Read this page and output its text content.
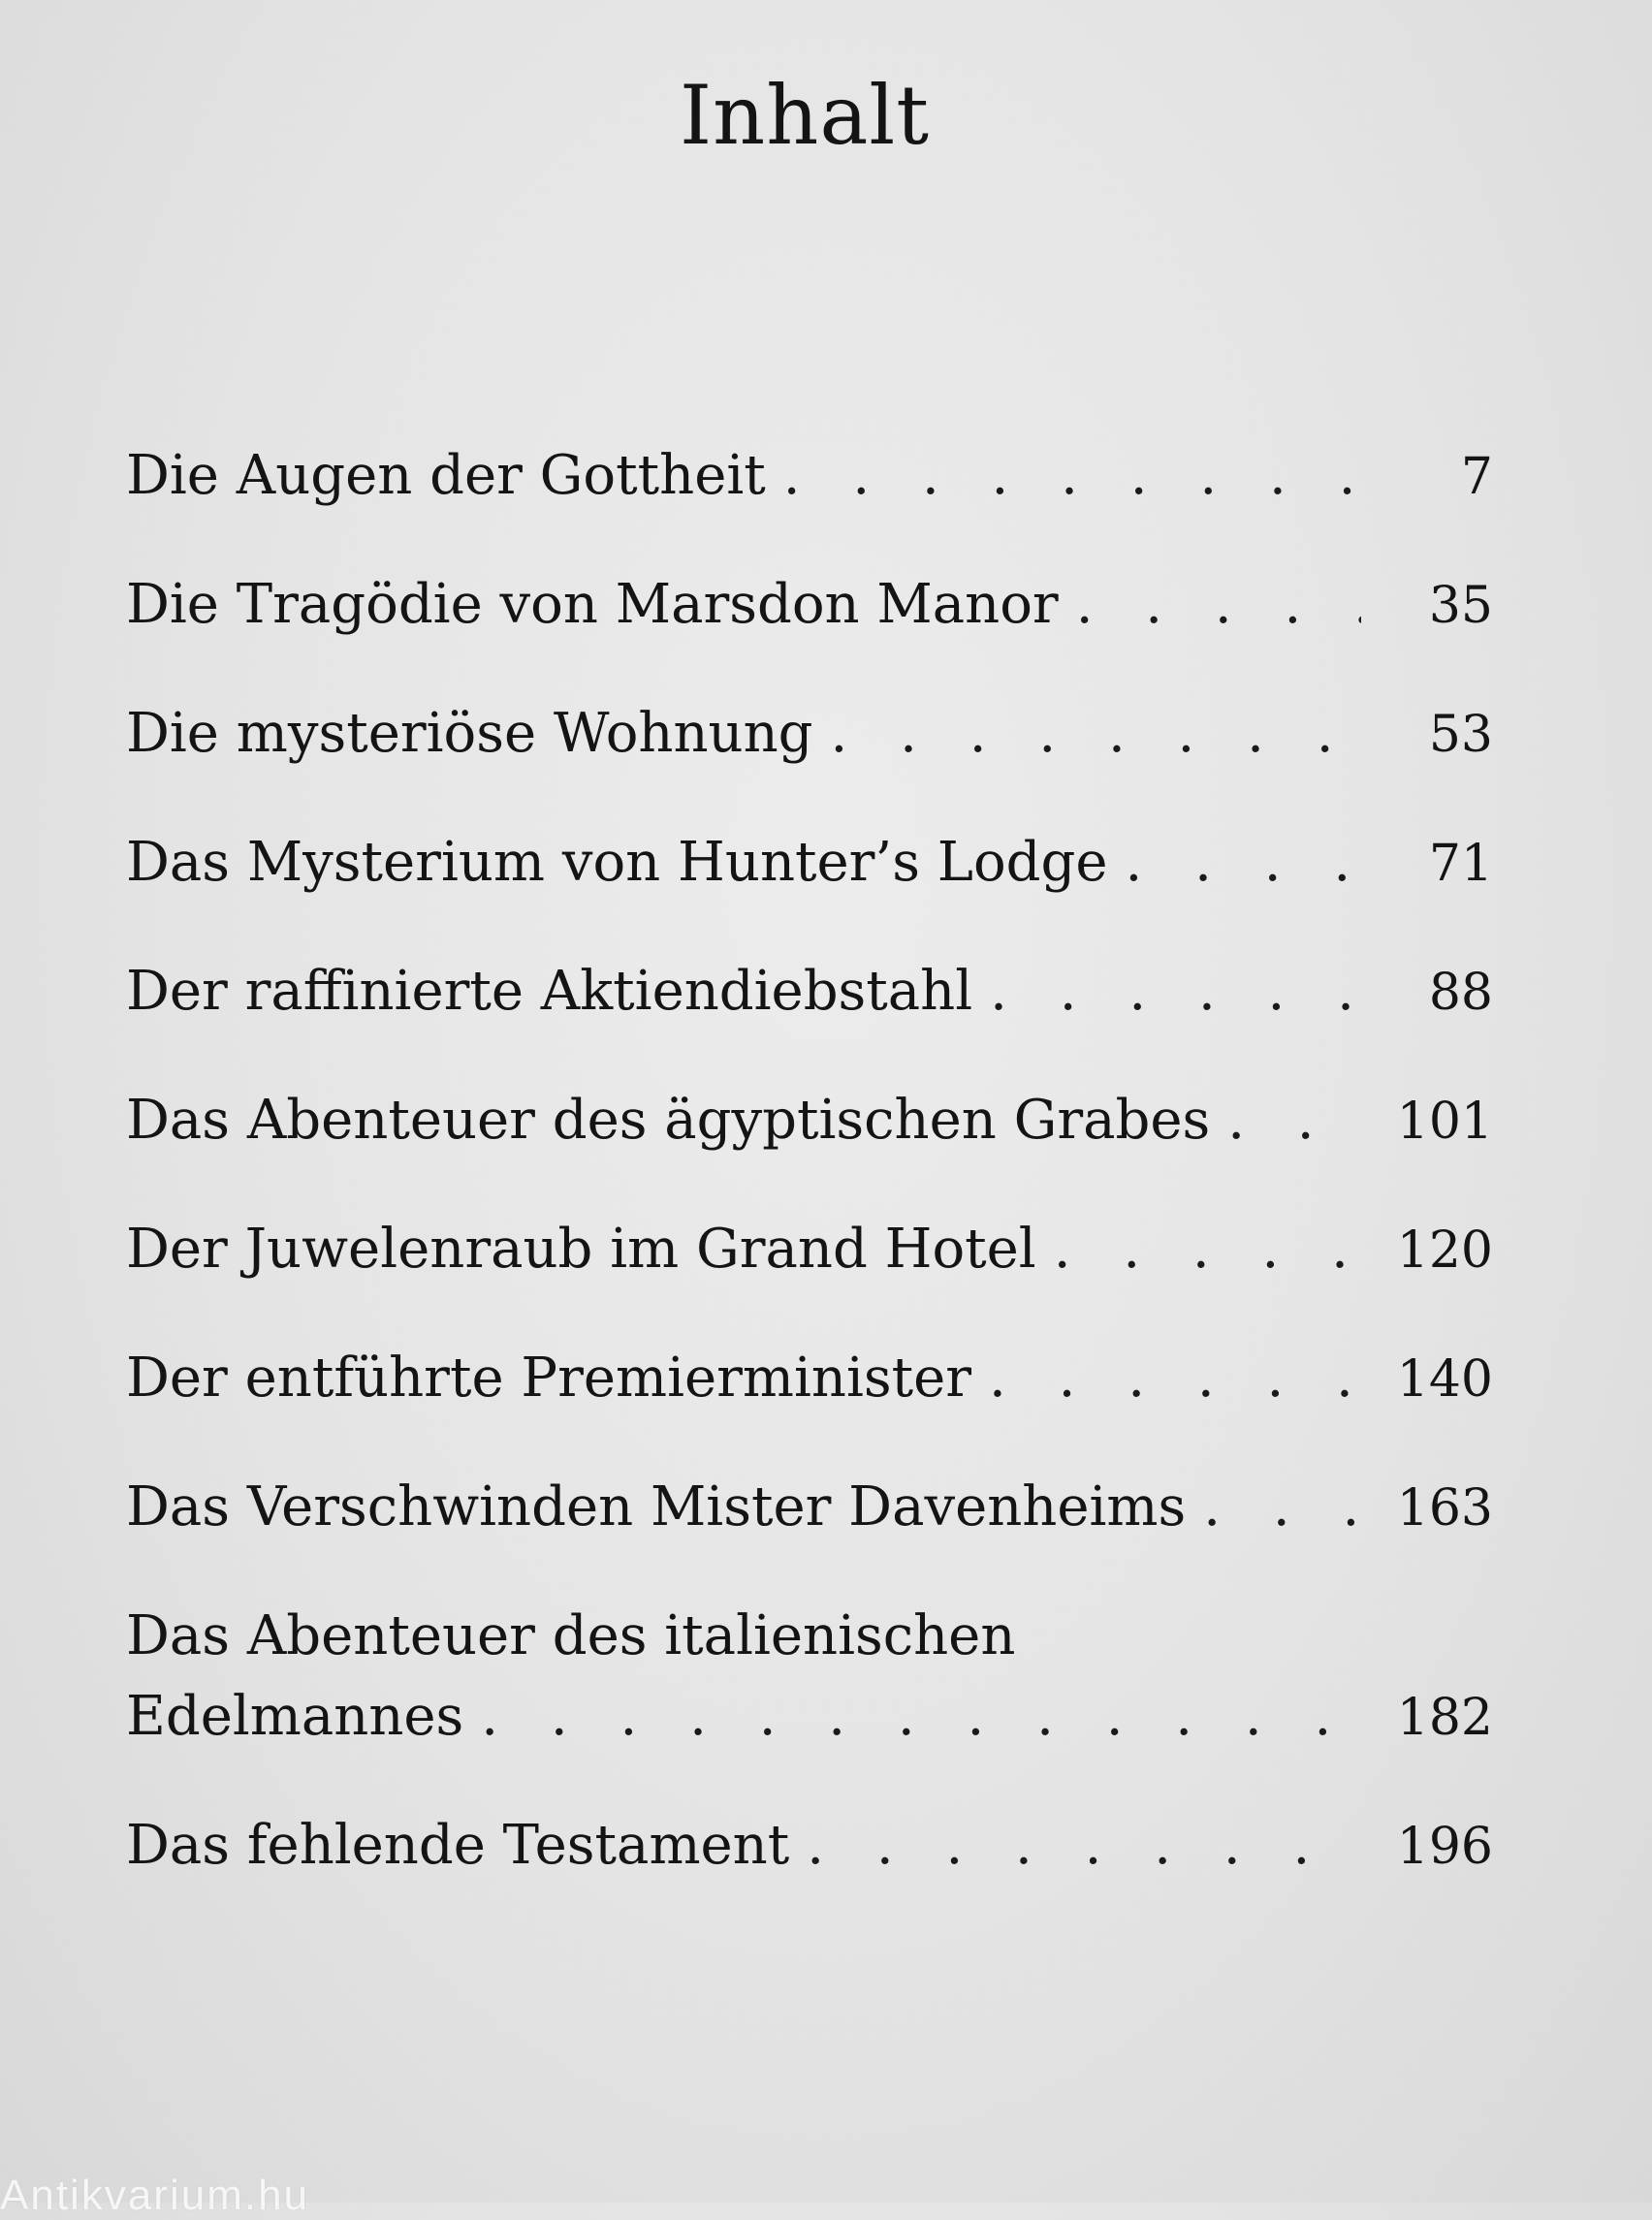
Inhalt
Die Augen der Gottheit . . .	7
Die Tragödie von Marsdon Manor . . .	35
Die mysteriöse Wohnung . . .	53
Das Mysterium von Hunter’s Lodge . . .	71
Der raffinierte Aktiendiebstahl . . .	88
Das Abenteuer des ägyptischen Grabes . . .	101
Der Juwelenraub im Grand Hotel . . .	120
Der entführte Premierminister . . .	140
Das Verschwinden Mister Davenheims . . .	163
Das Abenteuer des italienischen
Edelmannes . . .	182
Das fehlende Testament . . .	196
Antikvarium.hu
